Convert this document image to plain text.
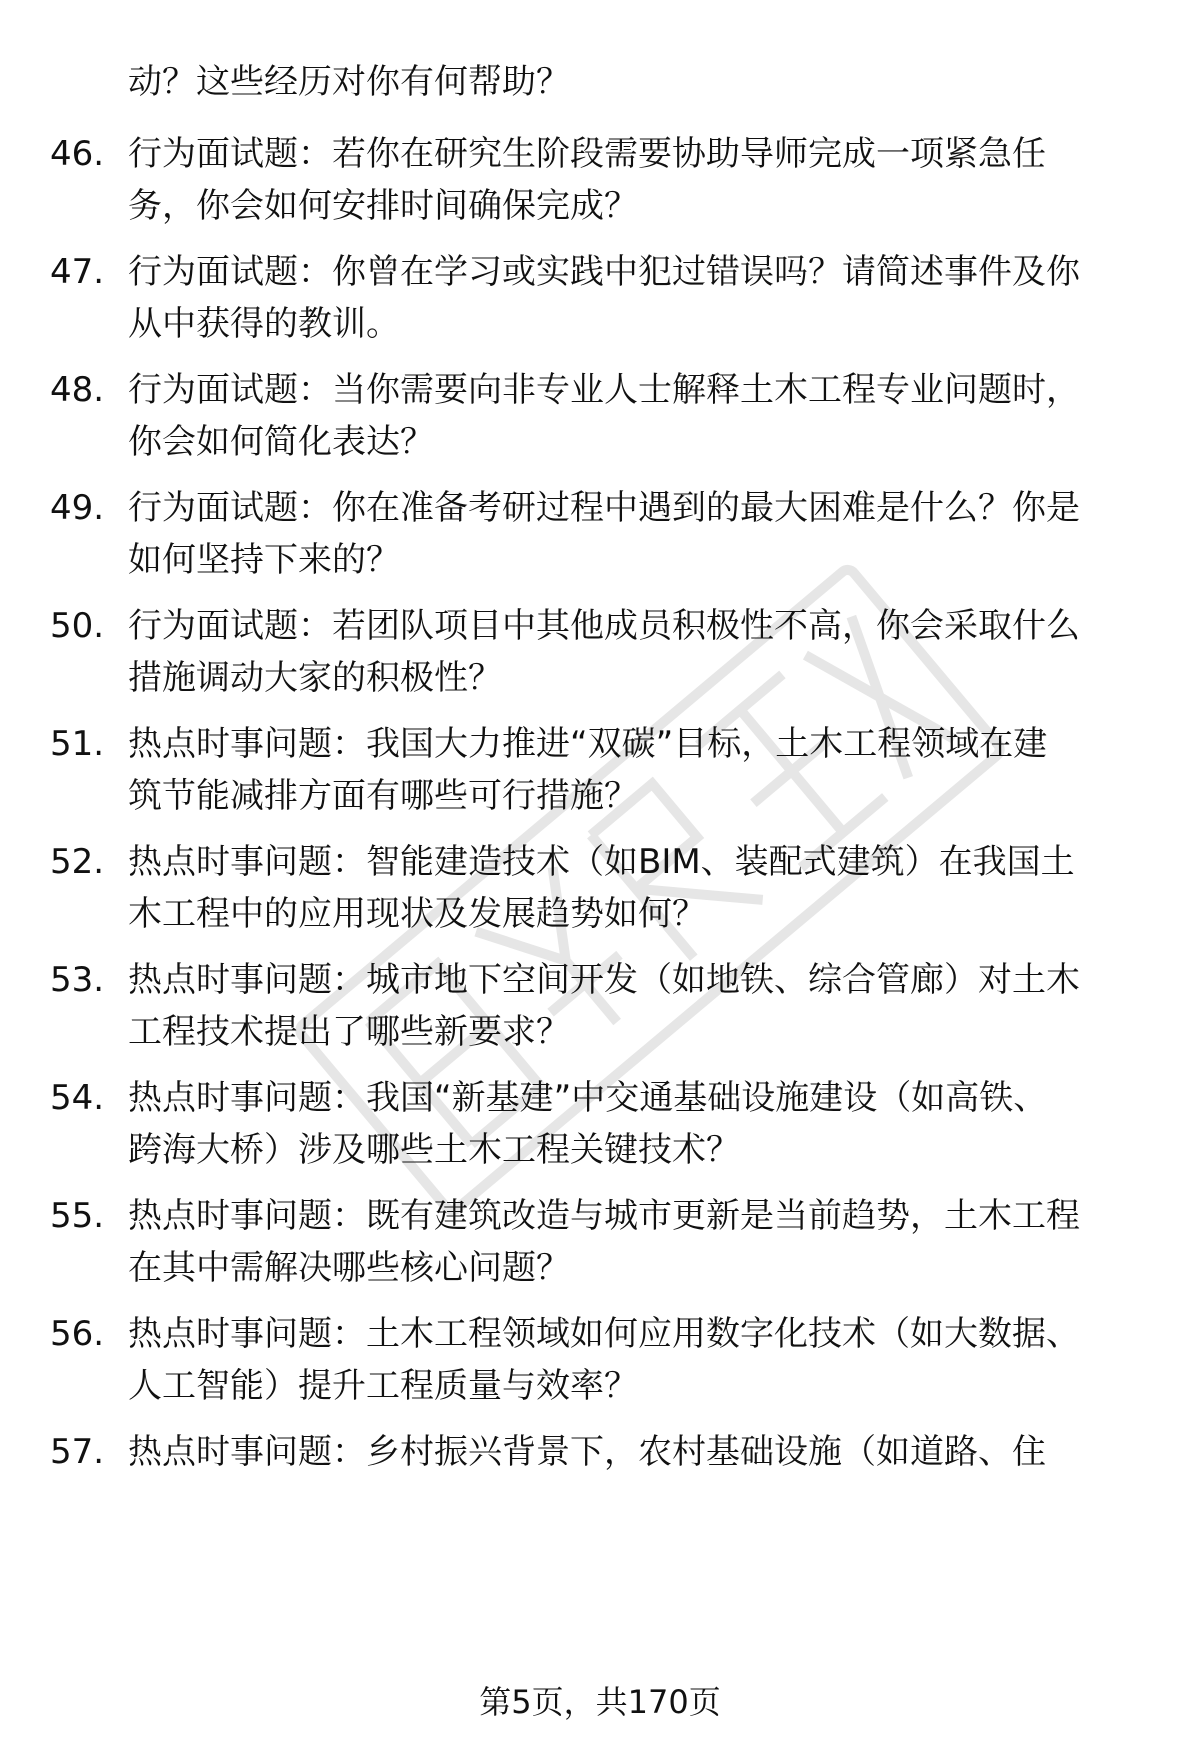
动？这些经历对你有何帮助？
46. 行为面试题：若你在研究生阶段需要协助导师完成一项紧急任
务，你会如何安排时间确保完成？
47. 行为面试题：你曾在学习或实践中犯过错误吗？请简述事件及你
从中获得的教训。
48. 行为面试题：当你需要向非专业人士解释土木工程专业问题时，
你会如何简化表达？
49. 行为面试题：你在准备考研过程中遇到的最大困难是什么？你是
如何坚持下来的？
50. 行为面试题：若团队项目中其他成员积极性不高，你会采取什么
措施调动大家的积极性？
51. 热点时事问题：我国大力推进“双碳”目标，土木工程领域在建
筑节能减排方面有哪些可行措施？
52. 热点时事问题：智能建造技术（如BIM、装配式建筑）在我国土
木工程中的应用现状及发展趋势如何？
53. 热点时事问题：城市地下空间开发（如地铁、综合管廊）对土木
工程技术提出了哪些新要求？
54. 热点时事问题：我国“新基建”中交通基础设施建设（如高铁、
跨海大桥）涉及哪些土木工程关键技术？
55. 热点时事问题：既有建筑改造与城市更新是当前趋势，土木工程
在其中需解决哪些核心问题？
56. 热点时事问题：土木工程领域如何应用数字化技术（如大数据、
人工智能）提升工程质量与效率？
57. 热点时事问题：乡村振兴背景下，农村基础设施（如道路、住
第5页，共170页
